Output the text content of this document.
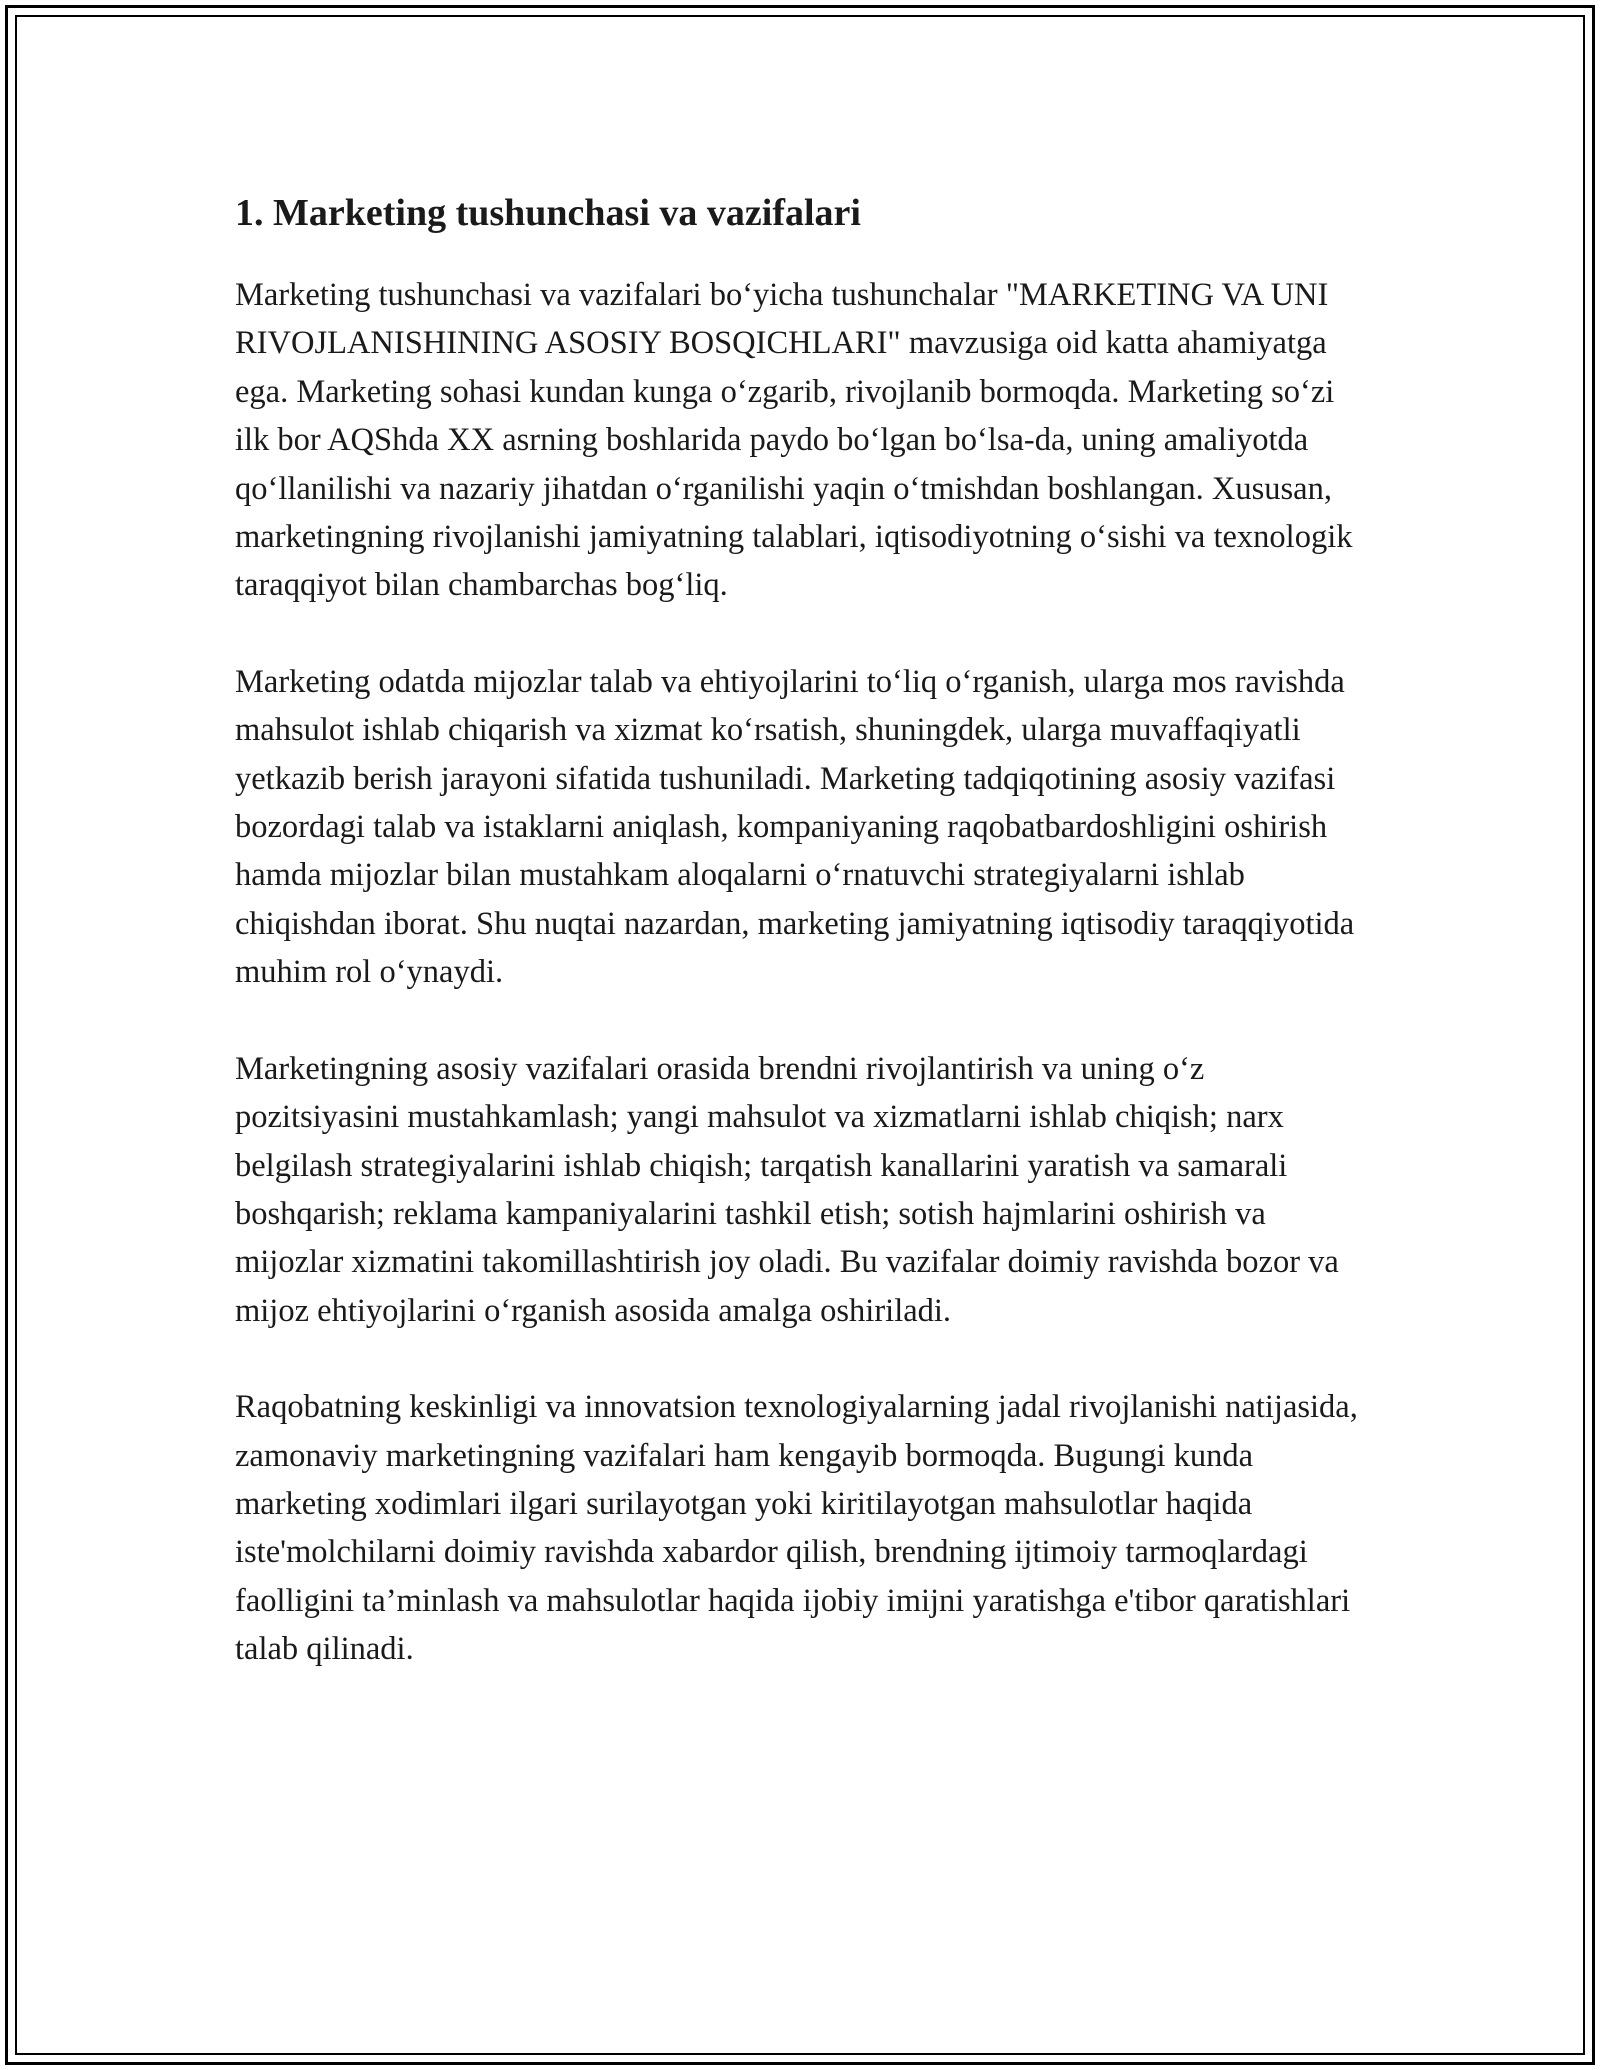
1. Marketing tushunchasi va vazifalari

Marketing tushunchasi va vazifalari bo‘yicha tushunchalar "MARKETING VA UNI RIVOJLANISHINING ASOSIY BOSQICHLARI" mavzusiga oid katta ahamiyatga ega. Marketing sohasi kundan kunga o‘zgarib, rivojlanib bormoqda. Marketing so‘zi ilk bor AQShda XX asrning boshlarida paydo bo‘lgan bo‘lsa-da, uning amaliyotda qo‘llanilishi va nazariy jihatdan o‘rganilishi yaqin o‘tmishdan boshlangan. Xususan, marketingning rivojlanishi jamiyatning talablari, iqtisodiyotning o‘sishi va texnologik taraqqiyot bilan chambarchas bog‘liq.

Marketing odatda mijozlar talab va ehtiyojlarini to‘liq o‘rganish, ularga mos ravishda mahsulot ishlab chiqarish va xizmat ko‘rsatish, shuningdek, ularga muvaffaqiyatli yetkazib berish jarayoni sifatida tushuniladi. Marketing tadqiqotining asosiy vazifasi bozordagi talab va istaklarni aniqlash, kompaniyaning raqobatbardoshligini oshirish hamda mijozlar bilan mustahkam aloqalarni o‘rnatuvchi strategiyalarni ishlab chiqishdan iborat. Shu nuqtai nazardan, marketing jamiyatning iqtisodiy taraqqiyotida muhim rol o‘ynaydi.

Marketingning asosiy vazifalari orasida brendni rivojlantirish va uning o‘z pozitsiyasini mustahkamlash; yangi mahsulot va xizmatlarni ishlab chiqish; narx belgilash strategiyalarini ishlab chiqish; tarqatish kanallarini yaratish va samarali boshqarish; reklama kampaniyalarini tashkil etish; sotish hajmlarini oshirish va mijozlar xizmatini takomillashtirish joy oladi. Bu vazifalar doimiy ravishda bozor va mijoz ehtiyojlarini o‘rganish asosida amalga oshiriladi.

Raqobatning keskinligi va innovatsion texnologiyalarning jadal rivojlanishi natijasida, zamonaviy marketingning vazifalari ham kengayib bormoqda. Bugungi kunda marketing xodimlari ilgari surilayotgan yoki kiritilayotgan mahsulotlar haqida iste'molchilarni doimiy ravishda xabardor qilish, brendning ijtimoiy tarmoqlardagi faolligini ta’minlash va mahsulotlar haqida ijobiy imijni yaratishga e'tibor qaratishlari talab qilinadi.
